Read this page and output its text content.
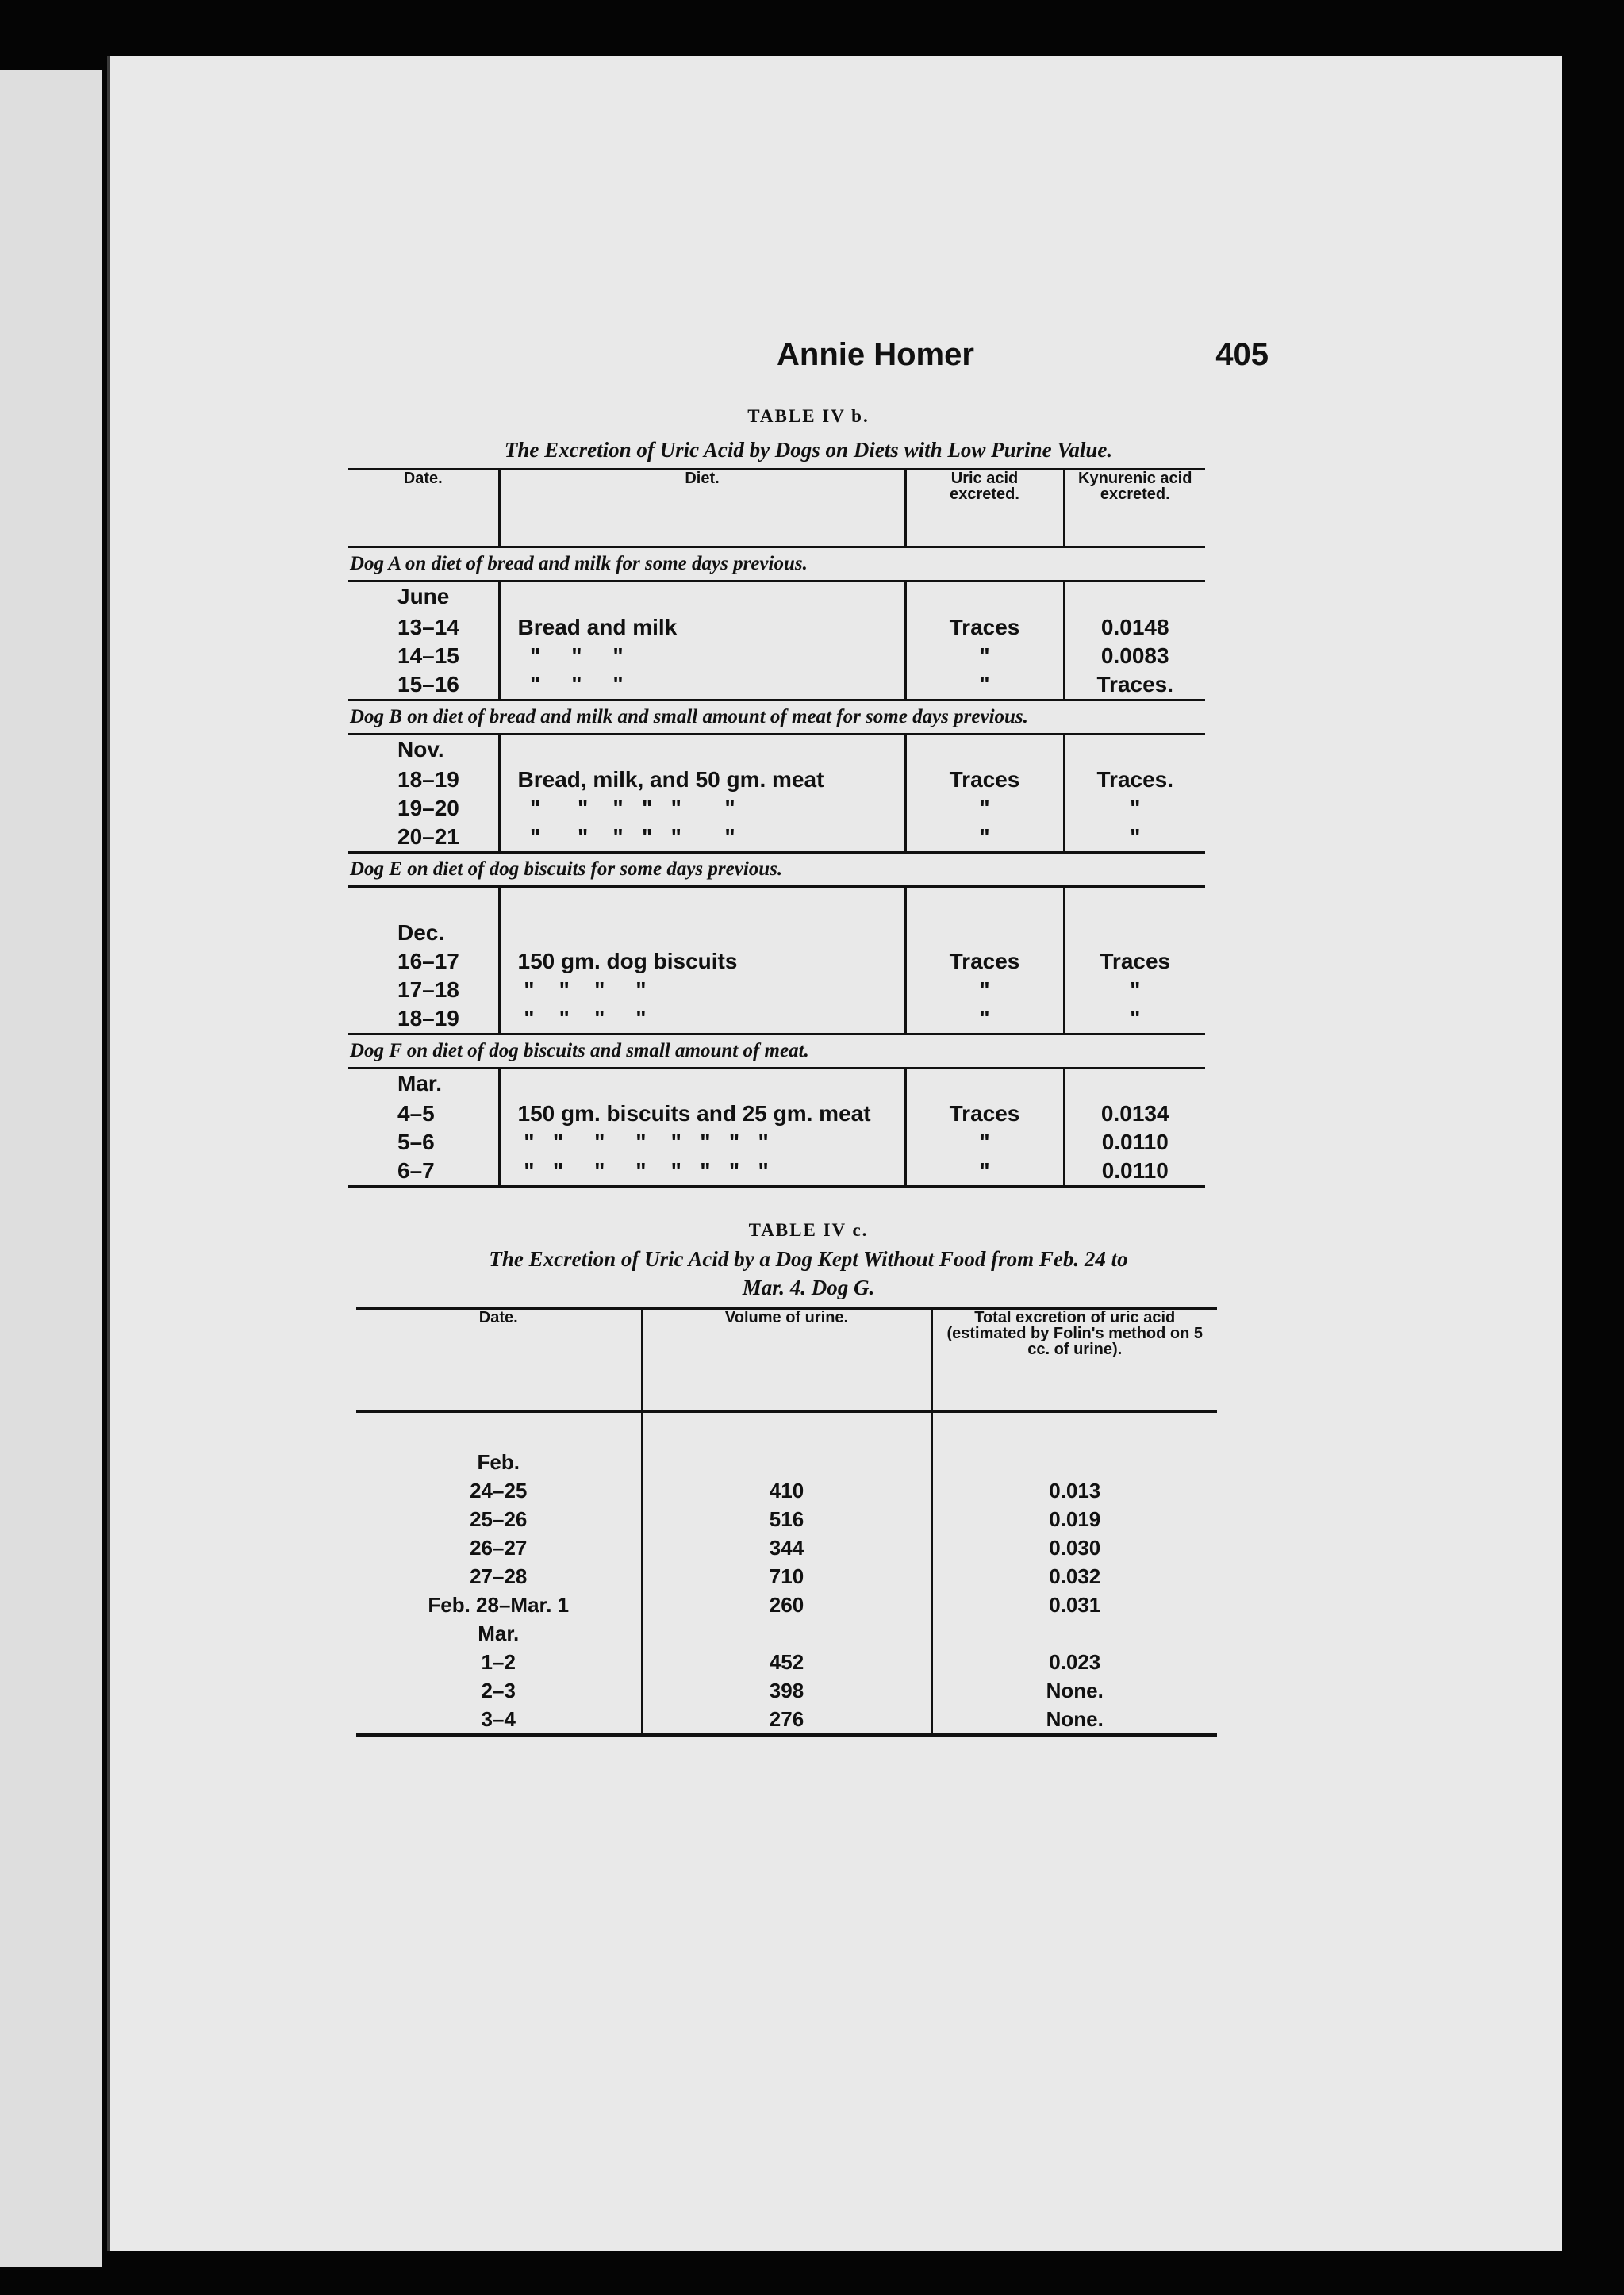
Annie Homer	405
TABLE IV b.
The Excretion of Uric Acid by Dogs on Diets with Low Purine Value.
Date.	Diet.	Uric acid excreted.	Kynurenic acid excreted.
Dog A on diet of bread and milk for some days previous.			
June			
13–14	Bread and milk	Traces	0.0148
14–15	"     "     "	"	0.0083
15–16	"     "     "	"	Traces.
Dog B on diet of bread and milk and small amount of meat for some days previous.			
Nov.			
18–19	Bread, milk, and 50 gm. meat	Traces	Traces.
19–20	"      "    "   "   "       "	"	"
20–21	"      "    "   "   "       "	"	"
Dog E on diet of dog biscuits for some days previous.			

Dec.			
16–17	150 gm. dog biscuits	Traces	Traces
17–18	"    "    "     "	"	"
18–19	"    "    "     "	"	"
Dog F on diet of dog biscuits and small amount of meat.			
Mar.			
4–5	150 gm. biscuits and 25 gm. meat	Traces	0.0134
5–6	"   "     "     "    "   "   "   "	"	0.0110
6–7	"   "     "     "    "   "   "   "	"	0.0110
TABLE IV c.
The Excretion of Uric Acid by a Dog Kept Without Food from Feb. 24 to
Mar. 4. Dog G.
Date.	Volume of urine.	Total excretion of uric acid (estimated by Folin's method on 5 cc. of urine).

Feb.		
24–25	410	0.013
25–26	516	0.019
26–27	344	0.030
27–28	710	0.032
Feb. 28–Mar. 1	260	0.031
Mar.		
1–2	452	0.023
2–3	398	None.
3–4	276	None.
